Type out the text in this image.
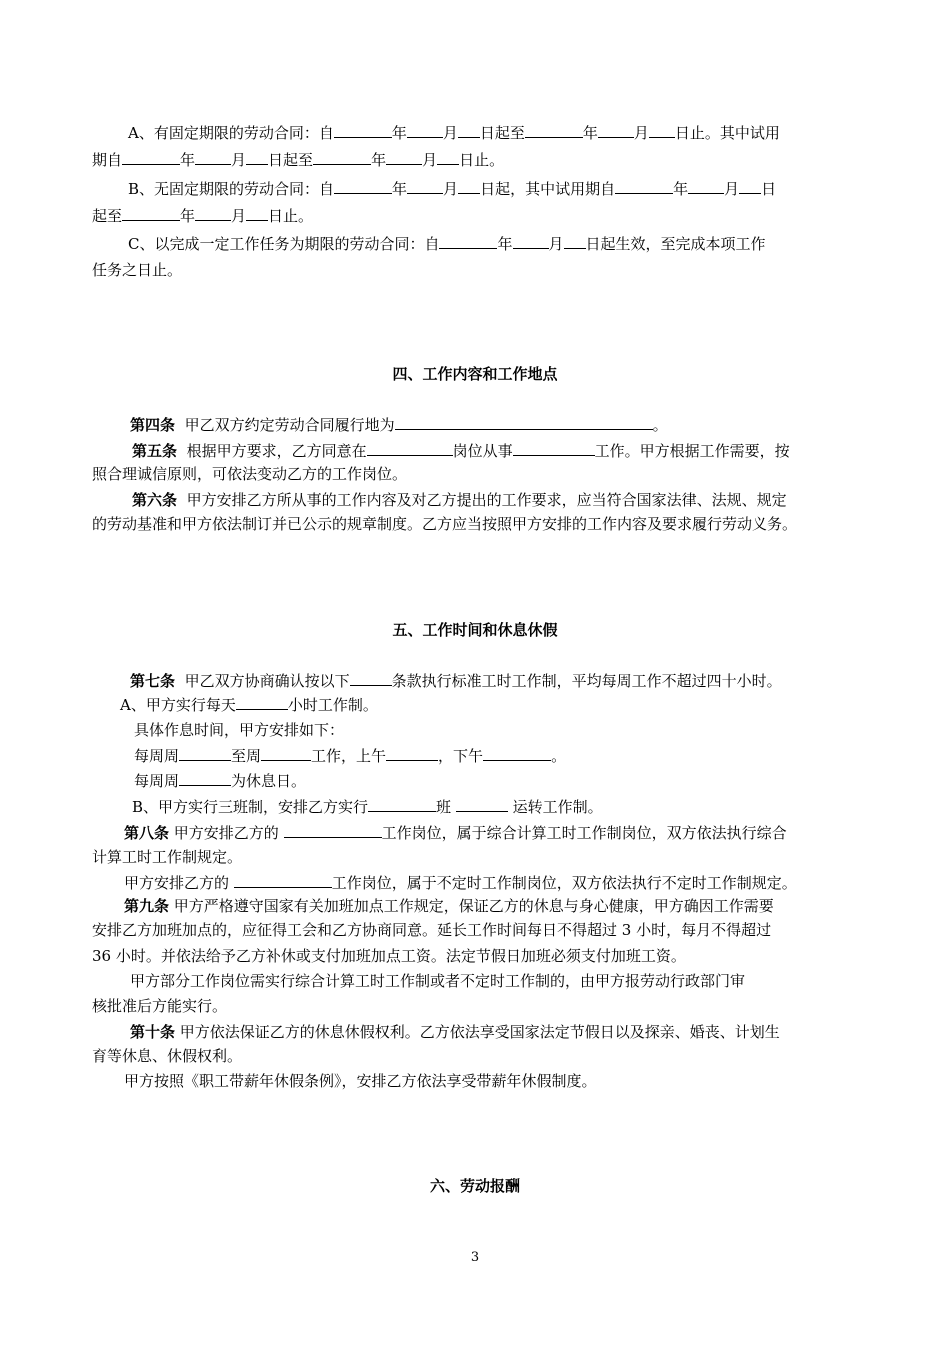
A、有固定期限的劳动合同：自	年 月 日起至	年 月 日止。其中试用
期自	年 月 日起至	年 月 日止。
B、无固定期限的劳动合同：自	年 月 日起，其中试用期自	年 月 日
起至	年 月 日止。
C、以完成一定工作任务为期限的劳动合同：自	年 月 日起生效，至完成本项工作
任务之日止。
四、工作内容和工作地点
第四条 甲乙双方约定劳动合同履行地为	。
第五条 根据甲方要求，乙方同意在	岗位从事	工作。甲方根据工作需要，按
照合理诚信原则，可依法变动乙方的工作岗位。
第六条 甲方安排乙方所从事的工作内容及对乙方提出的工作要求，应当符合国家法律、法规、规定
的劳动基准和甲方依法制订并已公示的规章制度。乙方应当按照甲方安排的工作内容及要求履行劳动义务。
五、工作时间和休息休假
第七条 甲乙双方协商确认按以下	条款执行标准工时工作制，平均每周工作不超过四十小时。
A、甲方实行每天	小时工作制。
具体作息时间，甲方安排如下：
每周周	至周	工作，上午	，下午	。
每周周	为休息日。
B、甲方实行三班制，安排乙方实行	班	运转工作制。
第八条 甲方安排乙方的	工作岗位，属于综合计算工时工作制岗位，双方依法执行综合
计算工时工作制规定。
甲方安排乙方的	工作岗位，属于不定时工作制岗位，双方依法执行不定时工作制规定。
第九条 甲方严格遵守国家有关加班加点工作规定，保证乙方的休息与身心健康，甲方确因工作需要
安排乙方加班加点的，应征得工会和乙方协商同意。延长工作时间每日不得超过 3 小时，每月不得超过
36 小时。并依法给予乙方补休或支付加班加点工资。法定节假日加班必须支付加班工资。
甲方部分工作岗位需实行综合计算工时工作制或者不定时工作制的，由甲方报劳动行政部门审
核批准后方能实行。
第十条 甲方依法保证乙方的休息休假权利。乙方依法享受国家法定节假日以及探亲、婚丧、计划生
育等休息、休假权利。
甲方按照《职工带薪年休假条例》，安排乙方依法享受带薪年休假制度。
六、劳动报酬
3
